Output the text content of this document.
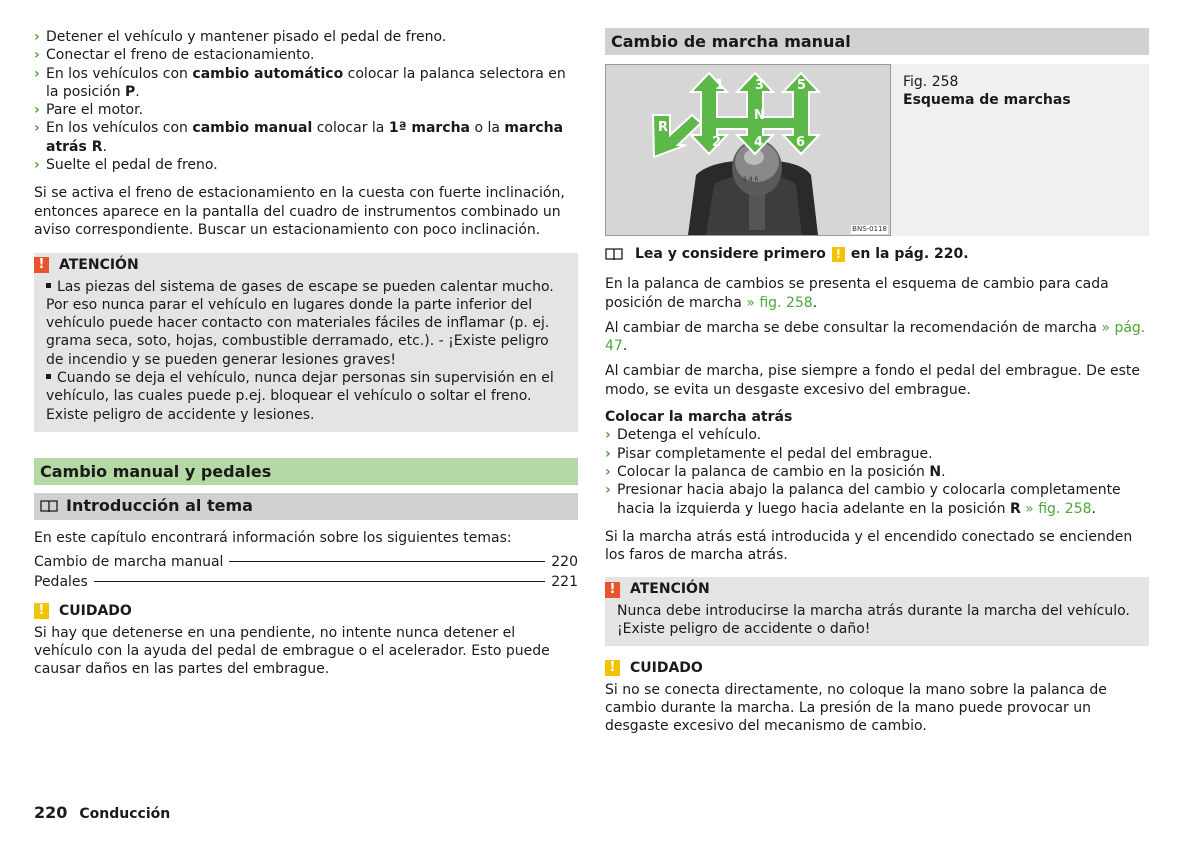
› Detener el vehículo y mantener pisado el pedal de freno.
› Conectar el freno de estacionamiento.
› En los vehículos con cambio automático colocar la palanca selectora en la posición P.
› Pare el motor.
› En los vehículos con cambio manual colocar la 1ª marcha o la marcha atrás R.
› Suelte el pedal de freno.

Si se activa el freno de estacionamiento en la cuesta con fuerte inclinación, entonces aparece en la pantalla del cuadro de instrumentos combinado un aviso correspondiente. Buscar un estacionamiento con poco inclinación.

!	ATENCIÓN
Las piezas del sistema de gases de escape se pueden calentar mucho. Por eso nunca parar el vehículo en lugares donde la parte inferior del vehículo puede hacer contacto con materiales fáciles de inflamar (p. ej. grama seca, soto, hojas, combustible derramado, etc.). - ¡Existe peligro de incendio y se pueden generar lesiones graves!
Cuando se deja el vehículo, nunca dejar personas sin supervisión en el vehículo, las cuales puede p.ej. bloquear el vehículo o soltar el freno. Existe peligro de accidente y lesiones.
Cambio manual y pedales
Introducción al tema

En este capítulo encontrará información sobre los siguientes temas:

Cambio de marcha manual	220
Pedales	221
!	CUIDADO

Si hay que detenerse en una pendiente, no intente nunca detener el vehículo con la ayuda del pedal de embrague o el acelerador. Esto puede causar daños en las partes del embrague.

Cambio de marcha manual
1 3	5
N
R
2	4	6
2 4 6
BNS-0118
Fig. 258
Esquema de marchas
Lea y considere primero ! en la pág. 220.

En la palanca de cambios se presenta el esquema de cambio para cada posición de marcha » fig. 258.

Al cambiar de marcha se debe consultar la recomendación de marcha » pág. 47.

Al cambiar de marcha, pise siempre a fondo el pedal del embrague. De este modo, se evita un desgaste excesivo del embrague.

Colocar la marcha atrás
› Detenga el vehículo.
› Pisar completamente el pedal del embrague.
› Colocar la palanca de cambio en la posición N.
› Presionar hacia abajo la palanca del cambio y colocarla completamente hacia la izquierda y luego hacia adelante en la posición R » fig. 258.

Si la marcha atrás está introducida y el encendido conectado se encienden los faros de marcha atrás.

!	ATENCIÓN
Nunca debe introducirse la marcha atrás durante la marcha del vehículo. ¡Existe peligro de accidente o daño!
!	CUIDADO

Si no se conecta directamente, no coloque la mano sobre la palanca de cambio durante la marcha. La presión de la mano puede provocar un desgaste excesivo del mecanismo de cambio.

220 Conducción
